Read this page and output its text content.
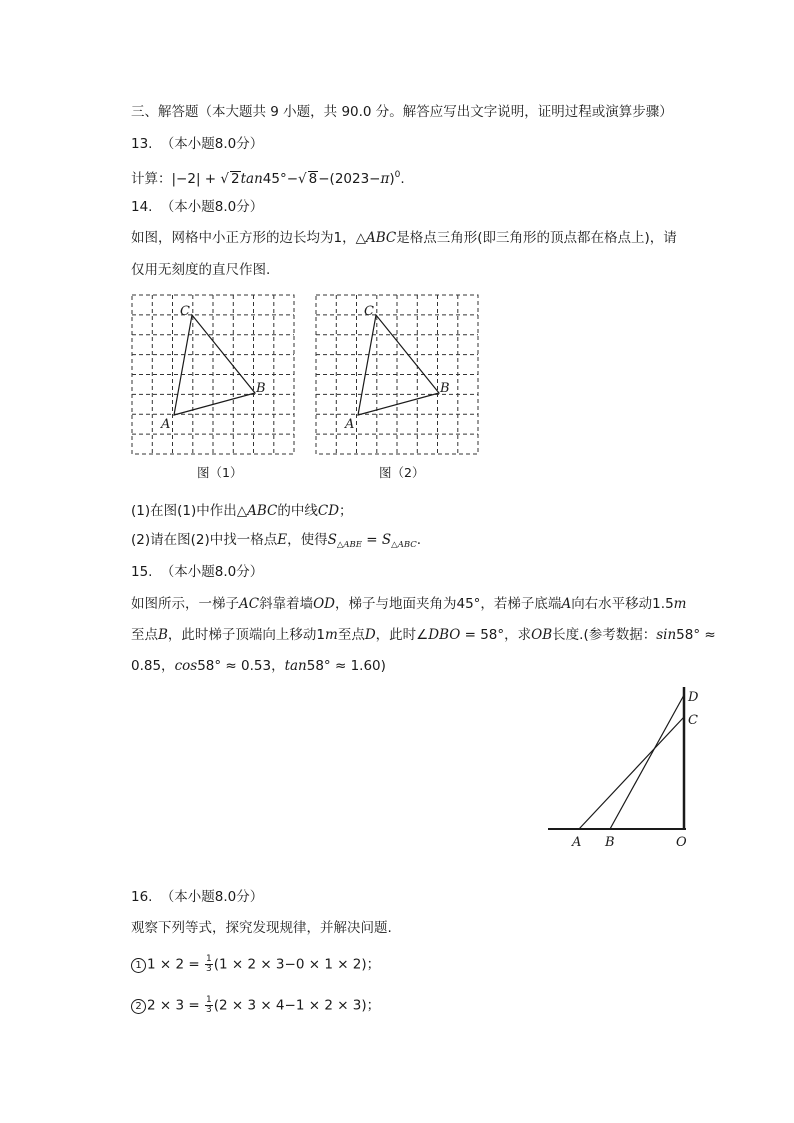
三、解答题（本大题共 9 小题，共 90.0 分。解答应写出文字说明，证明过程或演算步骤）
13. （本小题8.0分）
计算：|−2| + √ 2tan45°−√ $8-(2023-\pi)^0$.
14. （本小题8.0分）
如图，网格中小正方形的边长均为1，△ABC是格点三角形(即三角形的顶点都在格点上)，请
仅用无刻度的直尺作图.
C
B
A
图（1）
C
B
A
图（2）
(1)在图(1)中作出△ABC的中线CD；
(2)请在图(2)中找一格点E，使得$S_{\triangle ABE} = S_{\triangle ABC}$.
15. （本小题8.0分）
如图所示，一梯子AC斜靠着墙OD，梯子与地面夹角为45°，若梯子底端A向右水平移动1.5m
至点B，此时梯子顶端向上移动1m至点D，此时∠DBO = 58°，求OB长度.(参考数据：sin58° ≈
0.85，cos58° ≈ 0.53，tan58° ≈ 1.60)
D
C
A B	O
16. （本小题8.0分）
观察下列等式，探究发现规律，并解决问题.
1 $1 \times 2 = \frac{1}{3} (1 \times 2 \times 3-0 \times 1 \times 2)$；
2 $2 \times 3 = \frac{1}{3} (2 \times 3 \times 4-1 \times 2 \times 3)$；
